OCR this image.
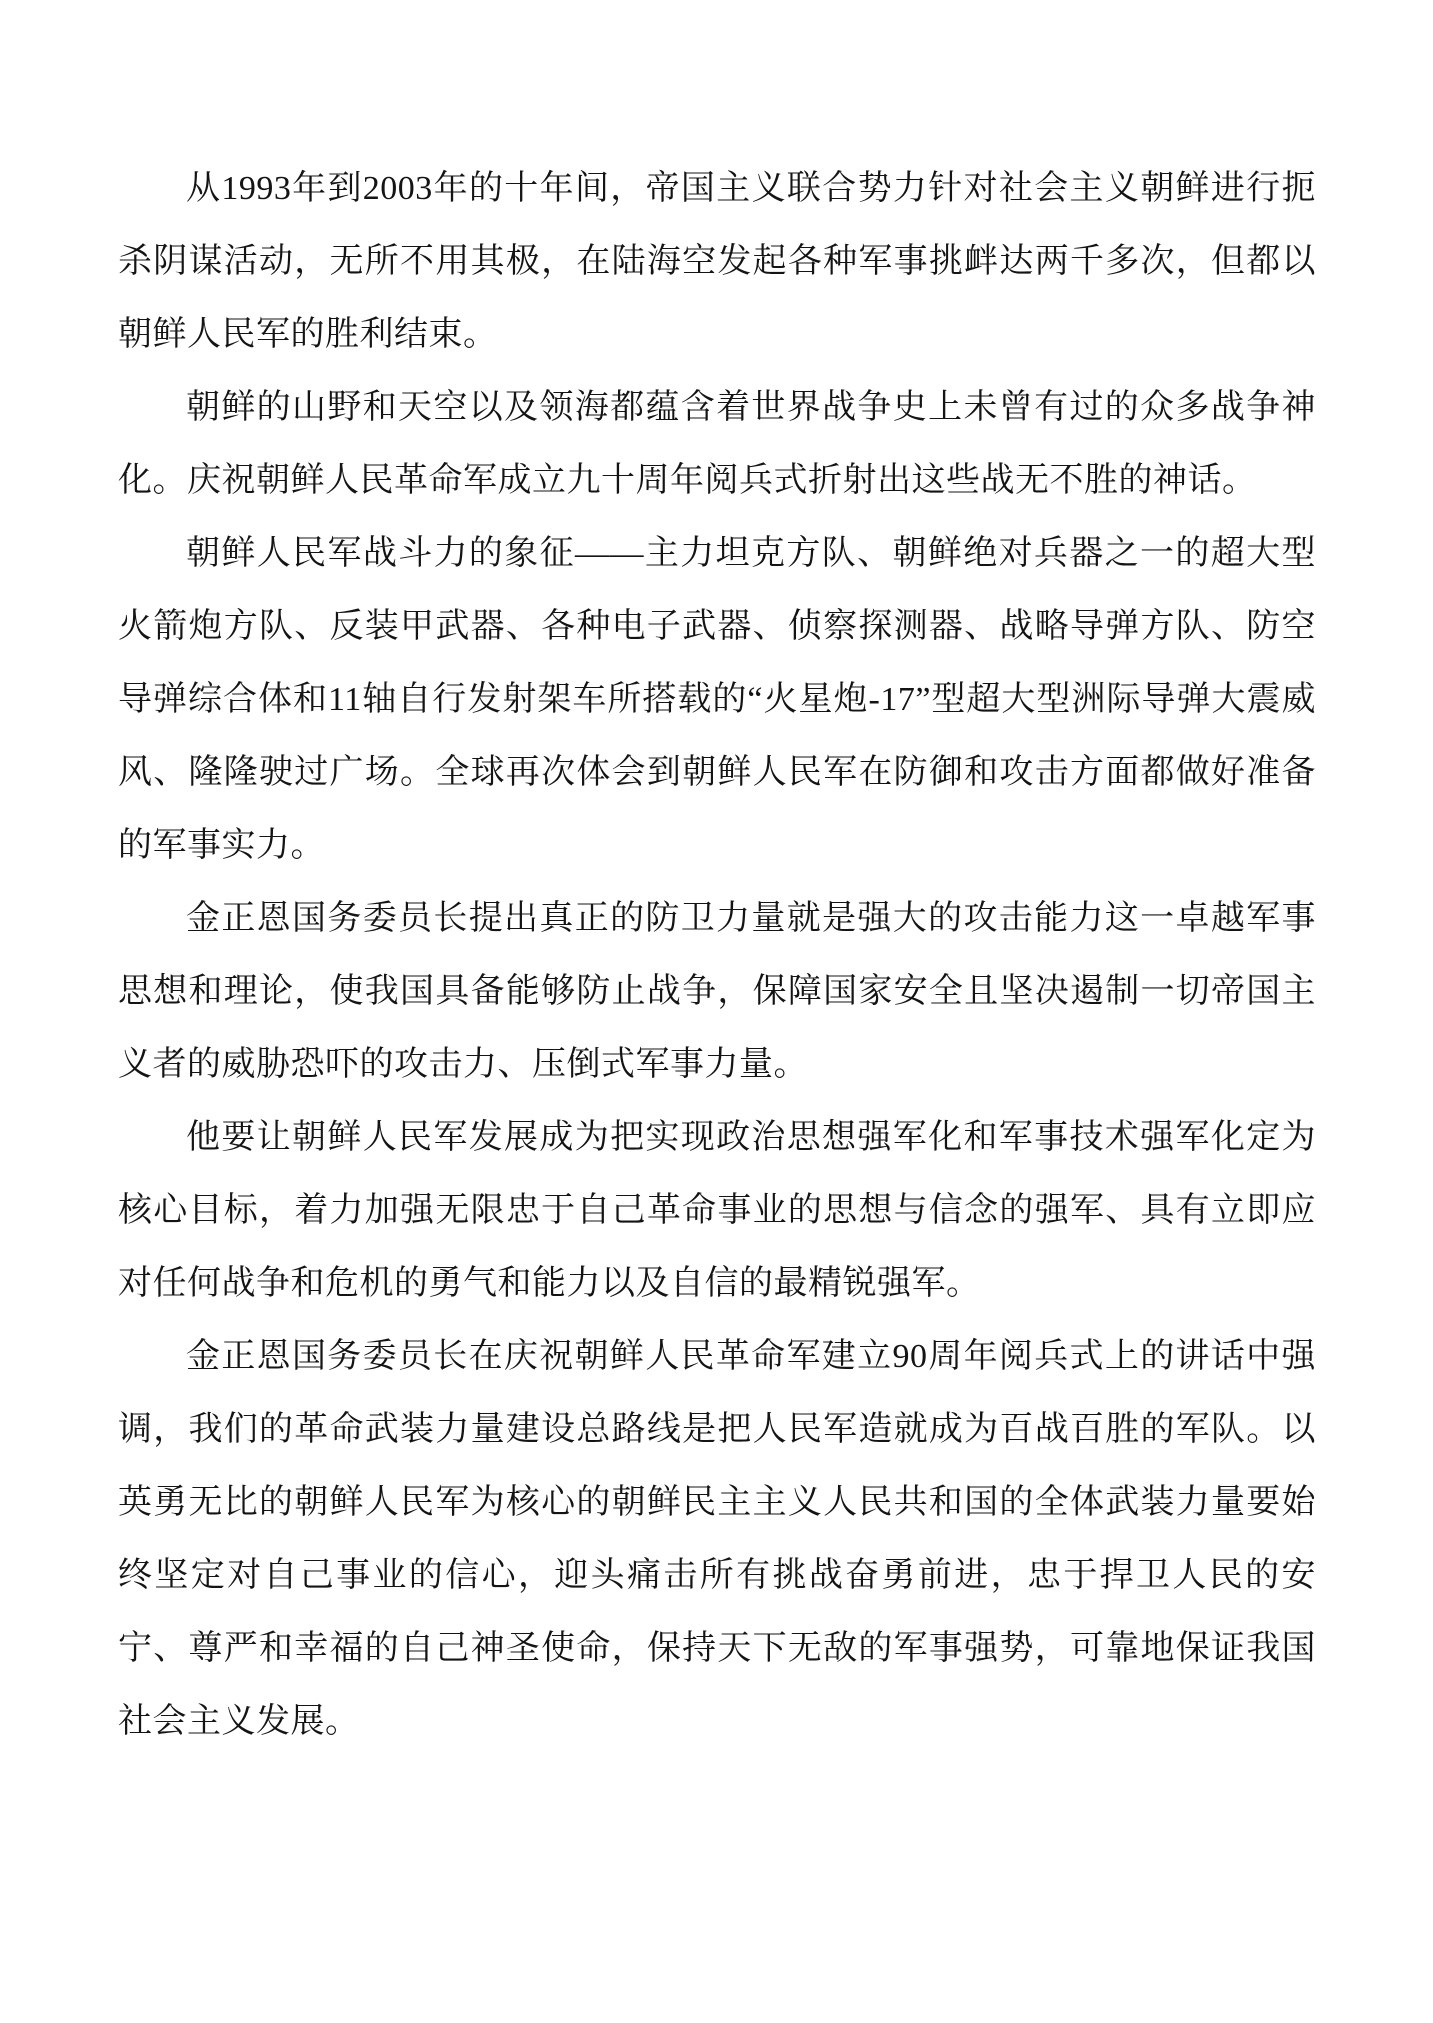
从1993年到2003年的十年间，帝国主义联合势力针对社会主义朝鲜进行扼杀阴谋活动，无所不用其极，在陆海空发起各种军事挑衅达两千多次，但都以朝鲜人民军的胜利结束。

朝鲜的山野和天空以及领海都蕴含着世界战争史上未曾有过的众多战争神化。庆祝朝鲜人民革命军成立九十周年阅兵式折射出这些战无不胜的神话。

朝鲜人民军战斗力的象征——主力坦克方队、朝鲜绝对兵器之一的超大型火箭炮方队、反装甲武器、各种电子武器、侦察探测器、战略导弹方队、防空导弹综合体和11轴自行发射架车所搭载的“火星炮-17”型超大型洲际导弹大震威风、隆隆驶过广场。全球再次体会到朝鲜人民军在防御和攻击方面都做好准备的军事实力。

金正恩国务委员长提出真正的防卫力量就是强大的攻击能力这一卓越军事思想和理论，使我国具备能够防止战争，保障国家安全且坚决遏制一切帝国主义者的威胁恐吓的攻击力、压倒式军事力量。

他要让朝鲜人民军发展成为把实现政治思想强军化和军事技术强军化定为核心目标，着力加强无限忠于自己革命事业的思想与信念的强军、具有立即应对任何战争和危机的勇气和能力以及自信的最精锐强军。

金正恩国务委员长在庆祝朝鲜人民革命军建立90周年阅兵式上的讲话中强调，我们的革命武装力量建设总路线是把人民军造就成为百战百胜的军队。以英勇无比的朝鲜人民军为核心的朝鲜民主主义人民共和国的全体武装力量要始终坚定对自己事业的信心，迎头痛击所有挑战奋勇前进，忠于捍卫人民的安宁、尊严和幸福的自己神圣使命，保持天下无敌的军事强势，可靠地保证我国社会主义发展。
